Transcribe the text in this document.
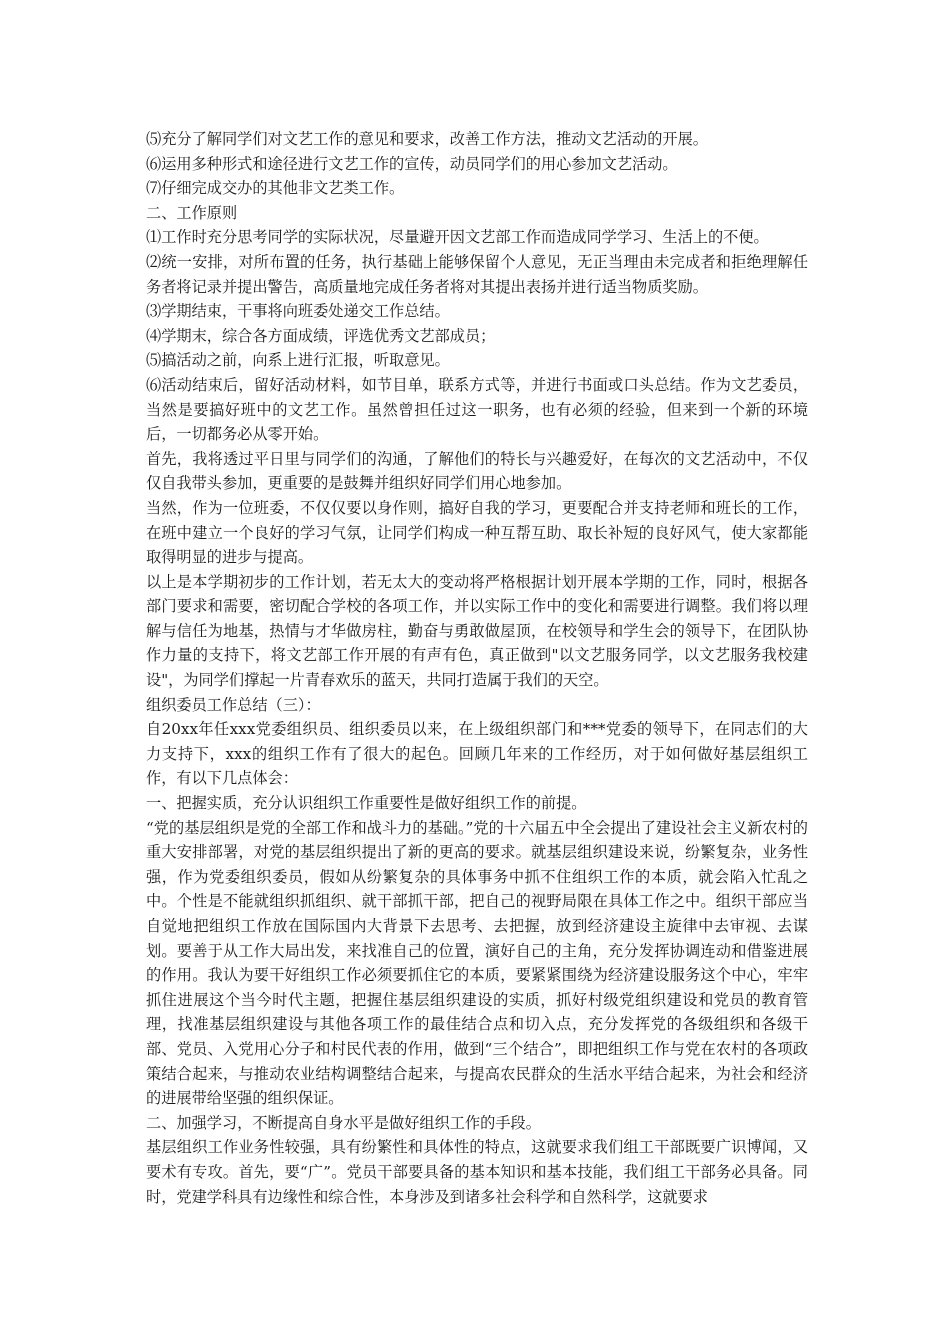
⑸充分了解同学们对文艺工作的意见和要求，改善工作方法，推动文艺活动的开展。

⑹运用多种形式和途径进行文艺工作的宣传，动员同学们的用心参加文艺活动。

⑺仔细完成交办的其他非文艺类工作。

二、工作原则

⑴工作时充分思考同学的实际状况，尽量避开因文艺部工作而造成同学学习、生活上的不便。

⑵统一安排，对所布置的任务，执行基础上能够保留个人意见，无正当理由未完成者和拒绝理解任务者将记录并提出警告，高质量地完成任务者将对其提出表扬并进行适当物质奖励。

⑶学期结束，干事将向班委处递交工作总结。

⑷学期末，综合各方面成绩，评选优秀文艺部成员；

⑸搞活动之前，向系上进行汇报，听取意见。

⑹活动结束后，留好活动材料，如节目单，联系方式等，并进行书面或口头总结。作为文艺委员，当然是要搞好班中的文艺工作。虽然曾担任过这一职务，也有必须的经验，但来到一个新的环境后，一切都务必从零开始。

首先，我将透过平日里与同学们的沟通，了解他们的特长与兴趣爱好，在每次的文艺活动中，不仅仅自我带头参加，更重要的是鼓舞并组织好同学们用心地参加。

当然，作为一位班委，不仅仅要以身作则，搞好自我的学习，更要配合并支持老师和班长的工作，在班中建立一个良好的学习气氛，让同学们构成一种互帮互助、取长补短的良好风气，使大家都能取得明显的进步与提高。

以上是本学期初步的工作计划，若无太大的变动将严格根据计划开展本学期的工作，同时，根据各部门要求和需要，密切配合学校的各项工作，并以实际工作中的变化和需要进行调整。我们将以理解与信任为地基，热情与才华做房柱，勤奋与勇敢做屋顶，在校领导和学生会的领导下，在团队协作力量的支持下，将文艺部工作开展的有声有色，真正做到"以文艺服务同学，以文艺服务我校建设"，为同学们撑起一片青春欢乐的蓝天，共同打造属于我们的天空。

组织委员工作总结（三）：

自20xx年任xxx党委组织员、组织委员以来，在上级组织部门和***党委的领导下，在同志们的大力支持下，xxx的组织工作有了很大的起色。回顾几年来的工作经历，对于如何做好基层组织工作，有以下几点体会：

一、把握实质，充分认识组织工作重要性是做好组织工作的前提。

“党的基层组织是党的全部工作和战斗力的基础。”党的十六届五中全会提出了建设社会主义新农村的重大安排部署，对党的基层组织提出了新的更高的要求。就基层组织建设来说，纷繁复杂，业务性强，作为党委组织委员，假如从纷繁复杂的具体事务中抓不住组织工作的本质，就会陷入忙乱之中。个性是不能就组织抓组织、就干部抓干部，把自己的视野局限在具体工作之中。组织干部应当自觉地把组织工作放在国际国内大背景下去思考、去把握，放到经济建设主旋律中去审视、去谋划。要善于从工作大局出发，来找准自己的位置，演好自己的主角，充分发挥协调连动和借鉴进展的作用。我认为要干好组织工作必须要抓住它的本质，要紧紧围绕为经济建设服务这个中心，牢牢抓住进展这个当今时代主题，把握住基层组织建设的实质，抓好村级党组织建设和党员的教育管理，找准基层组织建设与其他各项工作的最佳结合点和切入点，充分发挥党的各级组织和各级干部、党员、入党用心分子和村民代表的作用，做到“三个结合”，即把组织工作与党在农村的各项政策结合起来，与推动农业结构调整结合起来，与提高农民群众的生活水平结合起来，为社会和经济的进展带给坚强的组织保证。

二、加强学习，不断提高自身水平是做好组织工作的手段。

基层组织工作业务性较强，具有纷繁性和具体性的特点，这就要求我们组工干部既要广识博闻，又要术有专攻。首先，要“广”。党员干部要具备的基本知识和基本技能，我们组工干部务必具备。同时，党建学科具有边缘性和综合性，本身涉及到诸多社会科学和自然科学，这就要求
